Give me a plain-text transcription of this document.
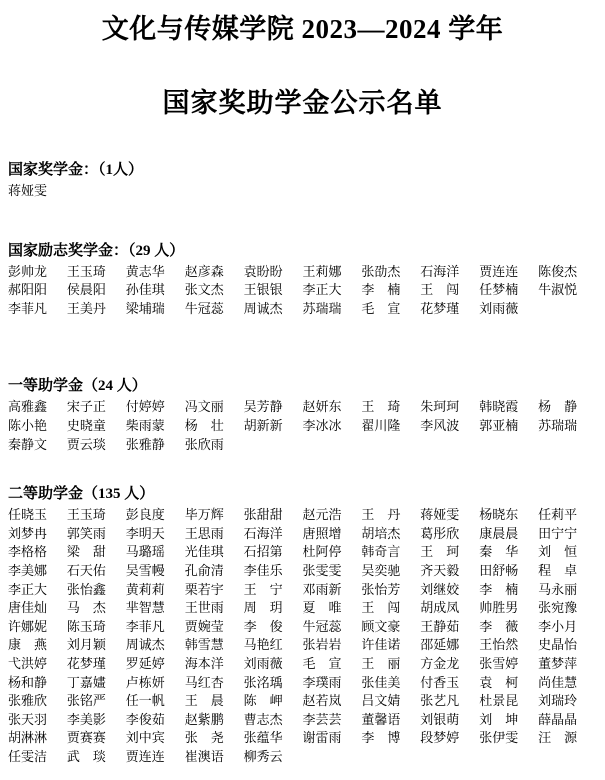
文化与传媒学院 2023—2024 学年
国家奖助学金公示名单
国家奖学金：（1人）
蒋娅雯
国家励志奖学金：（29 人）
彭帅龙	王玉琦	黄志华	赵彦森	袁盼盼	王莉娜	张劭杰	石海洋	贾连连	陈俊杰
郝阳阳	侯晨阳	孙佳琪	张文杰	王银银	李正大	李　楠	王　闯	任梦楠	牛淑悦
李菲凡	王美丹	梁埔瑞	牛冠蕊	周诚杰	苏瑞瑞	毛　宣	花梦瑾	刘雨薇
一等助学金（24 人）
高雅鑫	宋子正	付婷婷	冯文丽	吴芳静	赵妍东	王　琦	朱珂珂	韩晓霞	杨　静
陈小艳	史晓童	柴雨蒙	杨　壮	胡新新	李冰冰	翟川隆	李风波	郭亚楠	苏瑞瑞
秦静文	贾云琰	张雅静	张欣雨
二等助学金（135 人）
任晓玉	王玉琦	彭良度	毕万辉	张甜甜	赵元浩	王　丹	蒋娅雯	杨晓东	任莉平
刘梦冉	郭笑雨	李明天	王思雨	石海洋	唐照增	胡培杰	葛彤欣	康晨晨	田宁宁
李格格	梁　甜	马璐瑶	光佳琪	石招第	杜阿停	韩奇言	王　珂	秦　华	刘　恒
李美娜	石天佑	吴雪幔	孔俞清	李佳乐	张雯雯	吴奕驰	齐天毅	田舒畅	程　卓
李正大	张怡鑫	黄莉莉	栗若宇	王　宁	邓雨新	张怡芳	刘继姣	李　楠	马永丽
唐佳灿	马　杰	芈智慧	王世雨	周　玥	夏　唯	王　闯	胡成凤	帅胜男	张宛豫
许娜妮	陈玉琦	李菲凡	贾婉莹	李　俊	牛冠蕊	顾文豪	王静茹	李　薇	李小月
康　燕	刘月颖	周诚杰	韩雪慧	马艳红	张岩岩	许佳诺	邵延娜	王怡然	史晶怡
弋洪婷	花梦瑾	罗延婷	海本洋	刘雨薇	毛　宣	王　丽	方金龙	张雪婷	董梦萍
杨和静	丁嘉嫿	卢栋妍	马红杏	张洺瑀	李璞雨	张佳美	付香玉	袁　柯	尚佳慧
张雅欣	张铭严	任一帆	王　晨	陈　岬	赵若岚	吕文婧	张艺凡	杜景昆	刘瑞玲
张天羽	李美影	李俊茹	赵紫鹏	曹志杰	李芸芸	董馨语	刘银萌	刘　坤	薛晶晶
胡淋淋	贾赛赛	刘中宾	张　尧	张蕴华	谢雷雨	李　博	段梦婷	张伊雯	汪　源
任雯洁	武　琰	贾连连	崔澳语	柳秀云
